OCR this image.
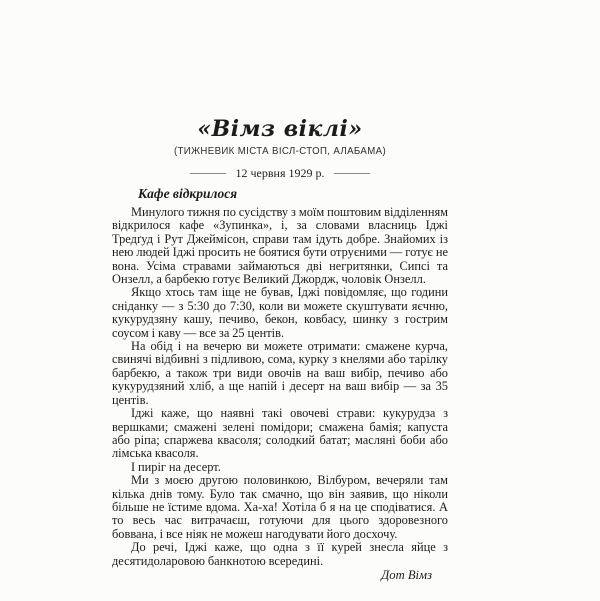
«Вімз віклі»
(ТИЖНЕВИК МІСТА ВІСЛ-СТОП, АЛАБАМА)
12 червня 1929 р.
Кафе відкрилося

Минулого тижня по сусідству з моїм поштовим відділенням відкрилося кафе «Зупинка», і, за словами власниць Іджі Тредґуд і Рут Джеймісон, справи там ідуть добре. Знайомих із нею людей Іджі просить не боятися бути отруєними — готує не вона. Усіма стравами займаються дві негритянки, Сипсі та Онзелл, а барбекю готує Великий Джордж, чоловік Онзелл.

Якщо хтось там іще не бував, Іджі повідомляє, що години сніданку — з 5:30 до 7:30, коли ви можете скуштувати яєчню, кукурудзяну кашу, печиво, бекон, ковбасу, шинку з гострим соусом і каву — все за 25 центів.

На обід і на вечерю ви можете отримати: смажене курча, свинячі відбивні з підливою, сома, курку з кнелями або тарілку барбекю, а також три види овочів на ваш вибір, печиво або кукурудзяний хліб, а ще напій і десерт на ваш вибір — за 35 центів.

Іджі каже, що наявні такі овочеві страви: кукурудза з вершками; смажені зелені помідори; смажена бамія; капуста або ріпа; спаржева квасоля; солодкий батат; масляні боби або лімська квасоля.

І пиріг на десерт.

Ми з моєю другою половинкою, Вілбуром, вечеряли там кілька днів тому. Було так смачно, що він заявив, що ніколи більше не їстиме вдома. Ха-ха! Хотіла б я на це сподіватися. А то весь час витрачаєш, готуючи для цього здоровезного боввана, і все ніяк не можеш нагодувати його досхочу.

До речі, Іджі каже, що одна з її курей знесла яйце з десятидоларовою банкнотою всередині.

Дот Вімз
